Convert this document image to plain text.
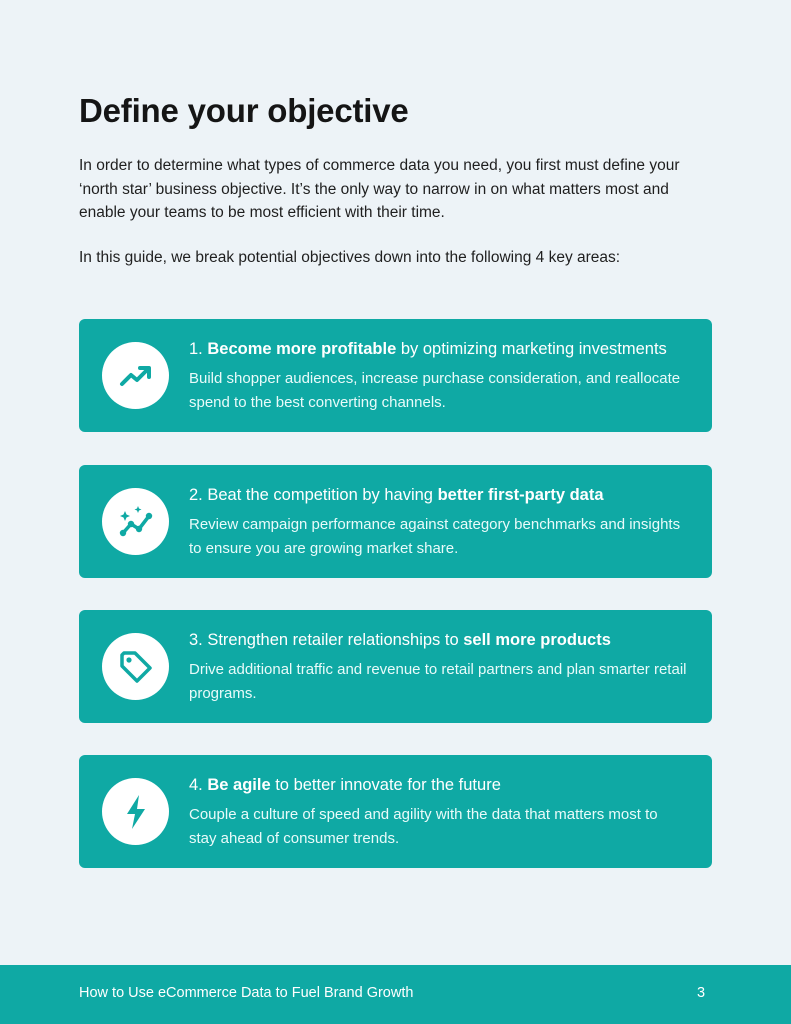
Define your objective

In order to determine what types of commerce data you need, you first must define your ‘north star’ business objective. It’s the only way to narrow in on what matters most and enable your teams to be most efficient with their time.

In this guide, we break potential objectives down into the following 4 key areas:

1. Become more profitable by optimizing marketing investments
Build shopper audiences, increase purchase consideration, and reallocate spend to the best converting channels.
2. Beat the competition by having better first-party data
Review campaign performance against category benchmarks and insights to ensure you are growing market share.
3. Strengthen retailer relationships to sell more products
Drive additional traffic and revenue to retail partners and plan smarter retail programs.
4. Be agile to better innovate for the future
Couple a culture of speed and agility with the data that matters most to stay ahead of consumer trends.
How to Use eCommerce Data to Fuel Brand Growth	3
